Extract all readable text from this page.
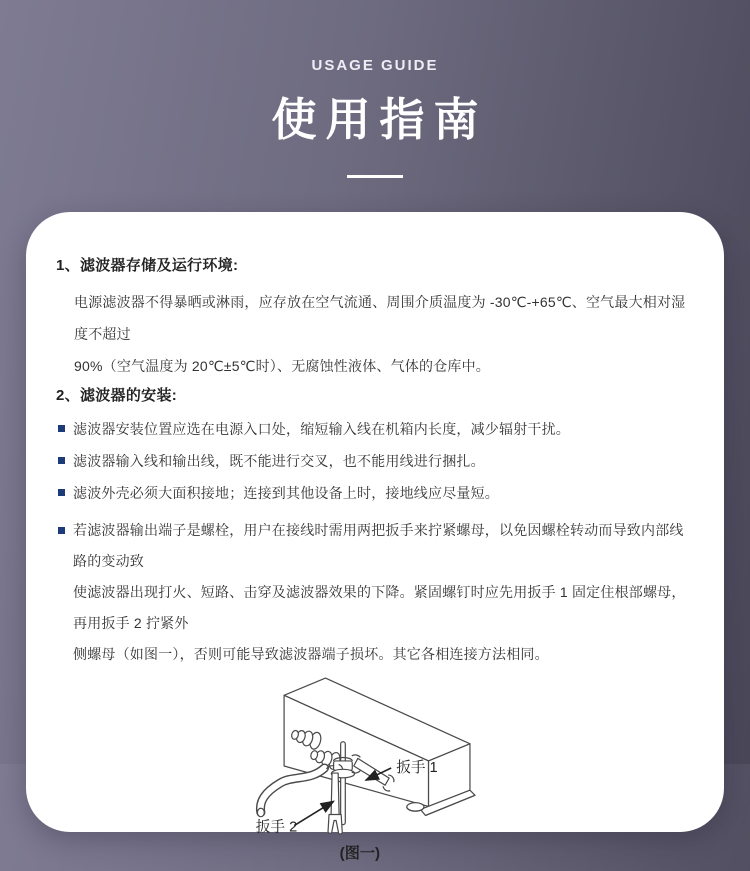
USAGE GUIDE
使用指南
1、滤波器存储及运行环境:
电源滤波器不得暴晒或淋雨，应存放在空气流通、周围介质温度为 -30℃-+65℃、空气最大相对湿度不超过
90%（空气温度为 20℃±5℃时）、无腐蚀性液体、气体的仓库中。
2、滤波器的安装:
滤波器安装位置应选在电源入口处，缩短输入线在机箱内长度，减少辐射干扰。
滤波器输入线和输出线，既不能进行交叉，也不能用线进行捆扎。
滤波外壳必须大面积接地；连接到其他设备上时，接地线应尽量短。
若滤波器输出端子是螺栓，用户在接线时需用两把扳手来拧紧螺母，以免因螺栓转动而导致内部线路的变动致
使滤波器出现打火、短路、击穿及滤波器效果的下降。紧固螺钉时应先用扳手 1 固定住根部螺母，再用扳手 2 拧紧外
侧螺母（如图一），否则可能导致滤波器端子损坏。其它各相连接方法相同。
扳手 1
扳手 2
(图一)
